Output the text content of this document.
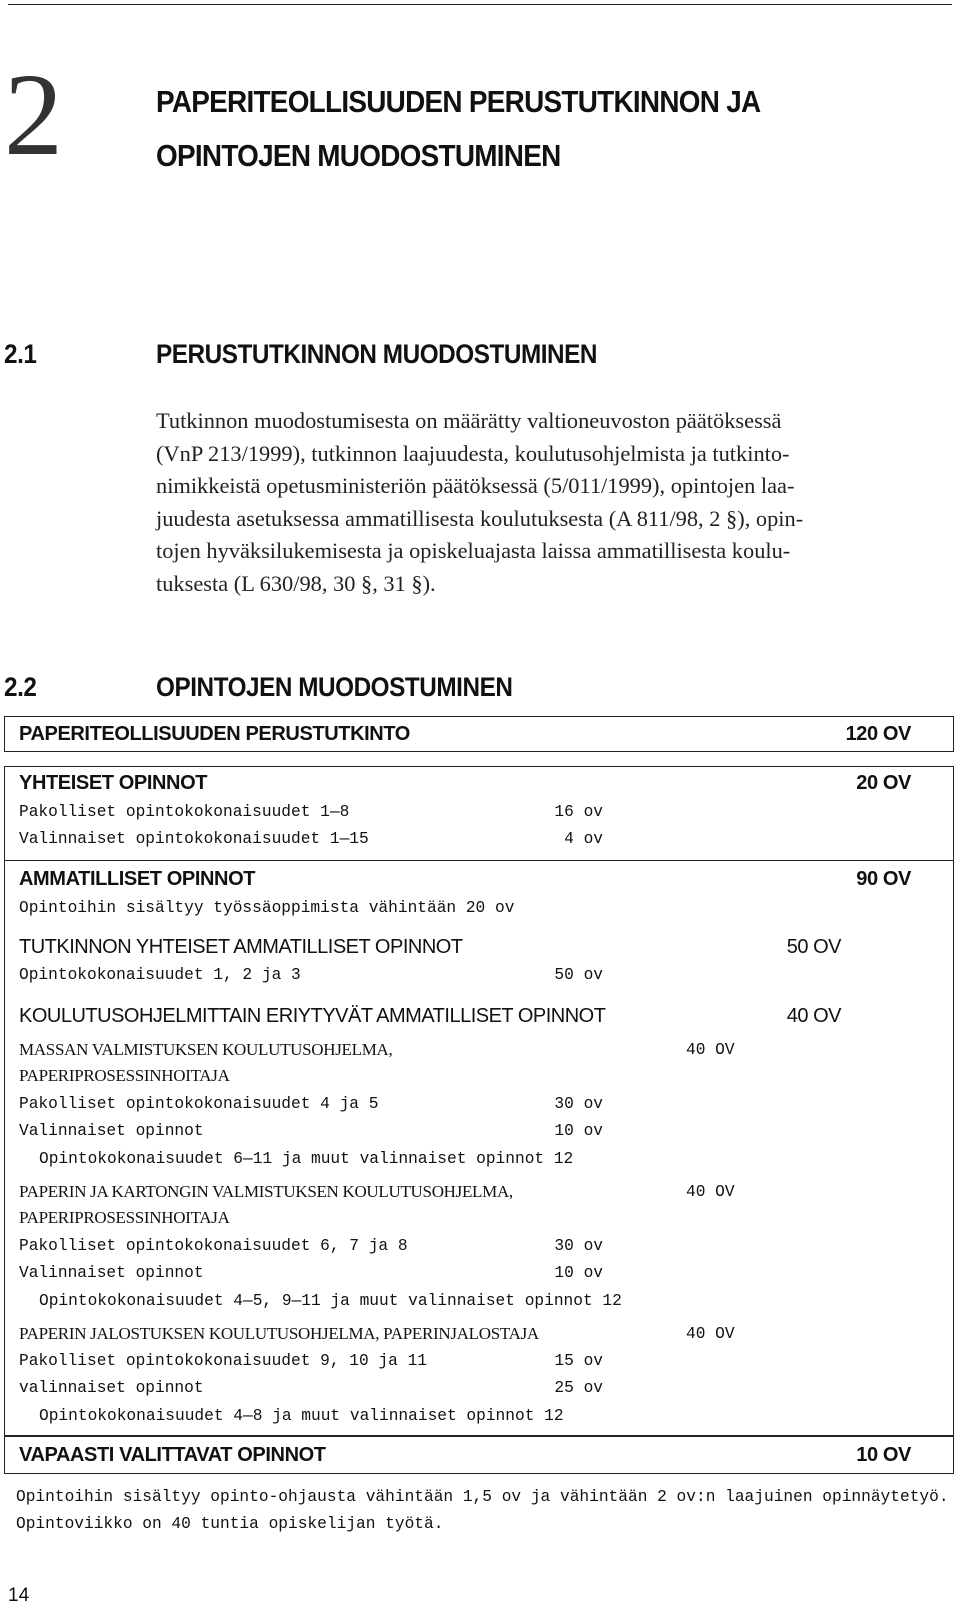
2	PAPERITEOLLISUUDEN PERUSTUTKINNON JA
OPINTOJEN MUODOSTUMINEN
2.1	PERUSTUTKINNON MUODOSTUMINEN
Tutkinnon muodostumisesta on määrätty valtioneuvoston päätöksessä
(VnP 213/1999), tutkinnon laajuudesta, koulutusohjelmista ja tutkinto-
nimikkeistä opetusministeriön päätöksessä (5/011/1999), opintojen laa-
juudesta asetuksessa ammatillisesta koulutuksesta (A 811/98, 2 §), opin-
tojen hyväksilukemisesta ja opiskeluajasta laissa ammatillisesta koulu-
tuksesta (L 630/98, 30 §, 31 §).
2.2	OPINTOJEN MUODOSTUMINEN
PAPERITEOLLISUUDEN PERUSTUTKINTO	120 OV
YHTEISET OPINNOT	20 OV
Pakolliset opintokokonaisuudet 1—8	16 ov
Valinnaiset opintokokonaisuudet 1—15	4 ov
AMMATILLISET OPINNOT	90 OV
Opintoihin sisältyy työssäoppimista vähintään 20 ov
TUTKINNON YHTEISET AMMATILLISET OPINNOT	50 OV
Opintokokonaisuudet 1, 2 ja 3	50 ov
KOULUTUSOHJELMITTAIN ERIYTYVÄT AMMATILLISET OPINNOT	40 OV
MASSAN VALMISTUKSEN KOULUTUSOHJELMA,	40 OV
PAPERIPROSESSINHOITAJA
Pakolliset opintokokonaisuudet 4 ja 5	30 ov
Valinnaiset opinnot	10 ov
Opintokokonaisuudet 6—11 ja muut valinnaiset opinnot 12
PAPERIN JA KARTONGIN VALMISTUKSEN KOULUTUSOHJELMA,	40 OV
PAPERIPROSESSINHOITAJA
Pakolliset opintokokonaisuudet 6, 7 ja 8	30 ov
Valinnaiset opinnot	10 ov
Opintokokonaisuudet 4—5, 9—11 ja muut valinnaiset opinnot 12
PAPERIN JALOSTUKSEN KOULUTUSOHJELMA, PAPERINJALOSTAJA	40 OV
Pakolliset opintokokonaisuudet 9, 10 ja 11	15 ov
valinnaiset opinnot	25 ov
Opintokokonaisuudet 4—8 ja muut valinnaiset opinnot 12
VAPAASTI VALITTAVAT OPINNOT	10 OV
Opintoihin sisältyy opinto-ohjausta vähintään 1,5 ov ja vähintään 2 ov:n laajuinen opinnäytetyö.
Opintoviikko on 40 tuntia opiskelijan työtä.
14
